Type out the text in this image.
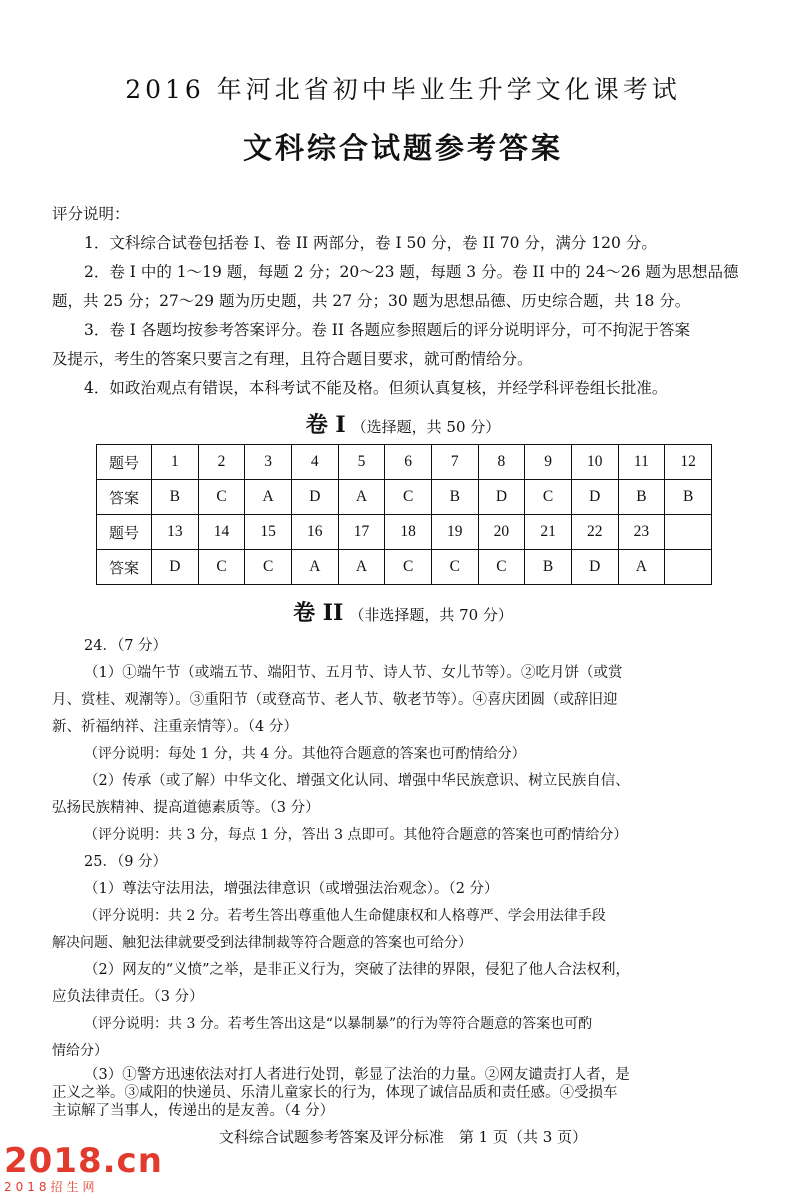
2016 年河北省初中毕业生升学文化课考试
文科综合试题参考答案
评分说明：
1．文科综合试卷包括卷 I、卷 II 两部分，卷 I 50 分，卷 II 70 分，满分 120 分。
2．卷 I 中的 1～19 题，每题 2 分；20～23 题，每题 3 分。卷 II 中的 24～26 题为思想品德
题，共 25 分；27～29 题为历史题，共 27 分；30 题为思想品德、历史综合题，共 18 分。
3．卷 I 各题均按参考答案评分。卷 II 各题应参照题后的评分说明评分，可不拘泥于答案
及提示，考生的答案只要言之有理，且符合题目要求，就可酌情给分。
4．如政治观点有错误，本科考试不能及格。但须认真复核，并经学科评卷组长批准。
卷 I （选择题，共 50 分）
题号	1	2	3	4	5	6	7	8	9	10	11	12
答案	B	C	A	D	A	C	B	D	C	D	B	B
题号	13	14	15	16	17	18	19	20	21	22	23	
答案	D	C	C	A	A	C	C	C	B	D	A	
卷 II （非选择题，共 70 分）
24．（7 分）
（1）①端午节（或端五节、端阳节、五月节、诗人节、女儿节等）。②吃月饼（或赏
月、赏桂、观潮等）。③重阳节（或登高节、老人节、敬老节等）。④喜庆团圆（或辞旧迎
新、祈福纳祥、注重亲情等）。（4 分）
（评分说明：每处 1 分，共 4 分。其他符合题意的答案也可酌情给分）
（2）传承（或了解）中华文化、增强文化认同、增强中华民族意识、树立民族自信、
弘扬民族精神、提高道德素质等。（3 分）
（评分说明：共 3 分，每点 1 分，答出 3 点即可。其他符合题意的答案也可酌情给分）
25．（9 分）
（1）尊法守法用法，增强法律意识（或增强法治观念）。（2 分）
（评分说明：共 2 分。若考生答出尊重他人生命健康权和人格尊严、学会用法律手段
解决问题、触犯法律就要受到法律制裁等符合题意的答案也可给分）
（2）网友的“义愤”之举，是非正义行为，突破了法律的界限，侵犯了他人合法权利，
应负法律责任。（3 分）
（评分说明：共 3 分。若考生答出这是“以暴制暴”的行为等符合题意的答案也可酌
情给分）
（3）①警方迅速依法对打人者进行处罚，彰显了法治的力量。②网友谴责打人者，是
正义之举。③咸阳的快递员、乐清儿童家长的行为，体现了诚信品质和责任感。④受损车
主谅解了当事人，传递出的是友善。（4 分）
文科综合试题参考答案及评分标准　第 1 页（共 3 页）
2018.cn
2018招生网
